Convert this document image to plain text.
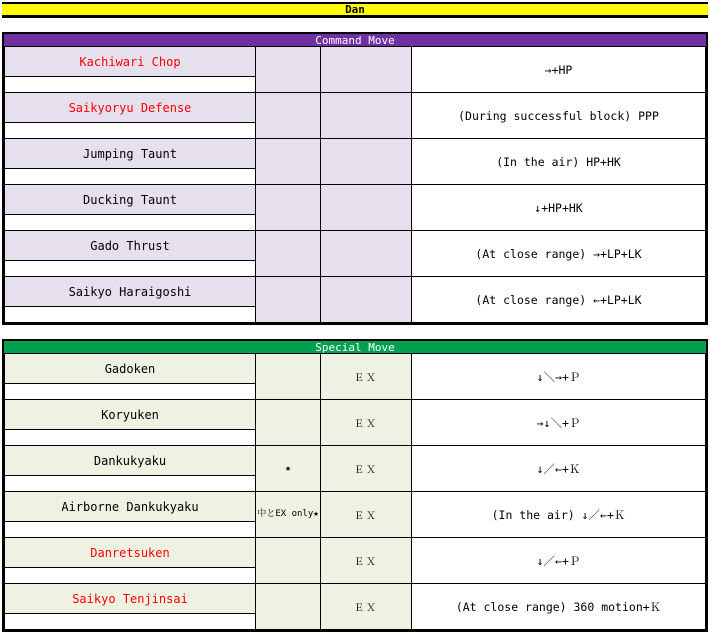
Dan
Command Move
Kachiwari Chop			→+HP

Saikyoryu Defense			(During successful block) PPP

Jumping Taunt			(In the air) HP+HK

Ducking Taunt			↓+HP+HK

Gado Thrust			(At close range) →+LP+LK

Saikyo Haraigoshi			(At close range) ←+LP+LK
Special Move
Gadoken		ＥＸ	↓＼→+Ｐ

Koryuken		ＥＸ	→↓＼+Ｐ

Dankukyaku	★	ＥＸ	↓／←+Ｋ

Airborne Dankukyaku	中とEX only★	ＥＸ	(In the air) ↓／←+Ｋ

Danretsuken		ＥＸ	↓／←+Ｐ

Saikyo Tenjinsai		ＥＸ	(At close range) 360 motion+Ｋ
